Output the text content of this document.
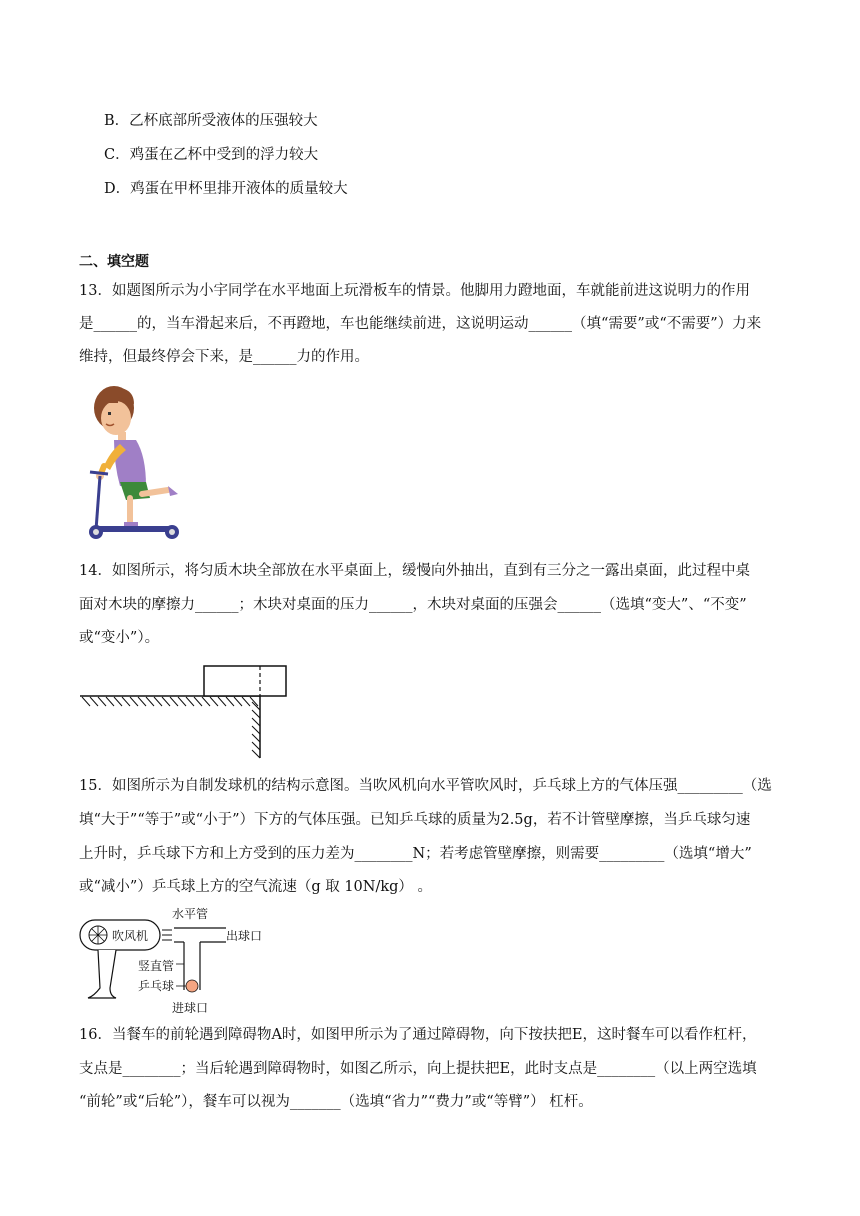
B．乙杯底部所受液体的压强较大
C．鸡蛋在乙杯中受到的浮力较大
D．鸡蛋在甲杯里排开液体的质量较大
二、填空题
13．如题图所示为小宇同学在水平地面上玩滑板车的情景。他脚用力蹬地面，车就能前进这说明力的作用
是______的，当车滑起来后，不再蹬地，车也能继续前进，这说明运动______（填“需要”或“不需要”）力来
维持，但最终停会下来，是______力的作用。
14．如图所示，将匀质木块全部放在水平桌面上，缓慢向外抽出，直到有三分之一露出桌面，此过程中桌
面对木块的摩擦力______；木块对桌面的压力______，木块对桌面的压强会______（选填“变大”、“不变”
或“变小”）。
15．如图所示为自制发球机的结构示意图。当吹风机向水平管吹风时，乒乓球上方的气体压强_________（选
填“大于”“等于”或“小于”）下方的气体压强。已知乒乓球的质量为2.5g，若不计管壁摩擦，当乒乓球匀速
上升时，乒乓球下方和上方受到的压力差为________N；若考虑管壁摩擦，则需要_________（选填“增大”
或“减小”）乒乓球上方的空气流速（g 取 10N/kg） 。
吹风机
水平管
出球口
竖直管
乒乓球
进球口
16．当餐车的前轮遇到障碍物A时，如图甲所示为了通过障碍物，向下按扶把E，这时餐车可以看作杠杆，
支点是________；当后轮遇到障碍物时，如图乙所示，向上提扶把E，此时支点是________（以上两空选填
“前轮”或“后轮”），餐车可以视为_______（选填“省力”“费力”或“等臂”） 杠杆。
